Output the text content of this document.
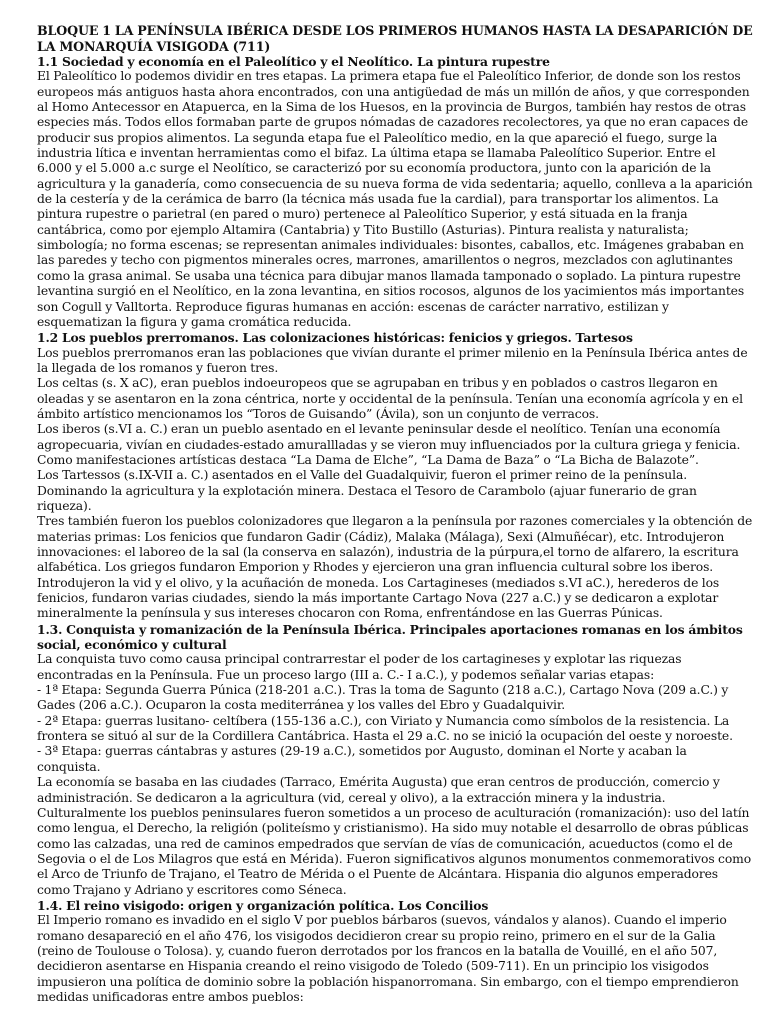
BLOQUE 1 LA PENÍNSULA IBÉRICA DESDE LOS PRIMEROS HUMANOS HASTA LA DESAPARICIÓN DE LA MONARQUÍA VISIGODA (711)
1.1 Sociedad y economía en el Paleolítico y el Neolítico. La pintura rupestre

El Paleolítico lo podemos dividir en tres etapas. La primera etapa fue el Paleolítico Inferior, de donde son los restos europeos más antiguos hasta ahora encontrados, con una antigüedad de más un millón de años, y que corresponden al Homo Antecessor en Atapuerca, en la Sima de los Huesos, en la provincia de Burgos, también hay restos de otras especies más. Todos ellos formaban parte de grupos nómadas de cazadores recolectores, ya que no eran capaces de producir sus propios alimentos. La segunda etapa fue el Paleolítico medio, en la que apareció el fuego, surge la industria lítica e inventan herramientas como el bifaz. La última etapa se llamaba Paleolítico Superior. Entre el 6.000 y el 5.000 a.c surge el Neolítico, se caracterizó por su economía productora, junto con la aparición de la agricultura y la ganadería, como consecuencia de su nueva forma de vida sedentaria; aquello, conlleva a la aparición de la cestería y de la cerámica de barro (la técnica más usada fue la cardial), para transportar los alimentos. La pintura rupestre o parietral (en pared o muro) pertenece al Paleolítico Superior, y está situada en la franja cantábrica, como por ejemplo Altamira (Cantabria) y Tito Bustillo (Asturias). Pintura realista y naturalista; simbología; no forma escenas; se representan animales individuales: bisontes, caballos, etc. Imágenes grababan en las paredes y techo con pigmentos minerales ocres, marrones, amarillentos o negros, mezclados con aglutinantes como la grasa animal. Se usaba una técnica para dibujar manos llamada tamponado o soplado. La pintura rupestre levantina surgió en el Neolítico, en la zona levantina, en sitios rocosos, algunos de los yacimientos más importantes son Cogull y Valltorta. Reproduce figuras humanas en acción: escenas de carácter narrativo, estilizan y esquematizan la figura y gama cromática reducida.

1.2 Los pueblos prerromanos. Las colonizaciones históricas: fenicios y griegos. Tartesos

Los pueblos prerromanos eran las poblaciones que vivían durante el primer milenio en la Península Ibérica antes de la llegada de los romanos y fueron tres.

Los celtas (s. X aC), eran pueblos indoeuropeos que se agrupaban en tribus y en poblados o castros llegaron en oleadas y se asentaron en la zona céntrica, norte y occidental de la península. Tenían una economía agrícola y en el ámbito artístico mencionamos los “Toros de Guisando” (Ávila), son un conjunto de verracos.

Los iberos (s.VI a. C.) eran un pueblo asentado en el levante peninsular desde el neolítico. Tenían una economía agropecuaria, vivían en ciudades-estado amurallladas y se vieron muy influenciados por la cultura griega y fenicia. Como manifestaciones artísticas destaca “La Dama de Elche”, “La Dama de Baza” o “La Bicha de Balazote”.

Los Tartessos (s.IX-VII a. C.) asentados en el Valle del Guadalquivir, fueron el primer reino de la península. Dominando la agricultura y la explotación minera. Destaca el Tesoro de Carambolo (ajuar funerario de gran riqueza).

Tres también fueron los pueblos colonizadores que llegaron a la península por razones comerciales y la obtención de materias primas: Los fenicios que fundaron Gadir (Cádiz), Malaka (Málaga), Sexi (Almuñécar), etc. Introdujeron innovaciones: el laboreo de la sal (la conserva en salazón), industria de la púrpura,el torno de alfarero, la escritura alfabética. Los griegos fundaron Emporion y Rhodes y ejercieron una gran influencia cultural sobre los iberos. Introdujeron la vid y el olivo, y la acuñación de moneda. Los Cartagineses (mediados s.VI aC.), herederos de los fenicios, fundaron varias ciudades, siendo la más importante Cartago Nova (227 a.C.) y se dedicaron a explotar mineralmente la península y sus intereses chocaron con Roma, enfrentándose en las Guerras Púnicas.

1.3. Conquista y romanización de la Península Ibérica. Principales aportaciones romanas en los ámbitos social, económico y cultural

La conquista tuvo como causa principal contrarrestar el poder de los cartagineses y explotar las riquezas encontradas en la Península. Fue un proceso largo (III a. C.- I a.C.), y podemos señalar varias etapas:

- 1ª Etapa: Segunda Guerra Púnica (218-201 a.C.). Tras la toma de Sagunto (218 a.C.), Cartago Nova (209 a.C.) y Gades (206 a.C.). Ocuparon la costa mediterránea y los valles del Ebro y Guadalquivir.

- 2ª Etapa: guerras lusitano- celtíbera (155-136 a.C.), con Viriato y Numancia como símbolos de la resistencia. La frontera se situó al sur de la Cordillera Cantábrica. Hasta el 29 a.C. no se inició la ocupación del oeste y noroeste.

- 3ª Etapa: guerras cántabras y astures (29-19 a.C.), sometidos por Augusto, dominan el Norte y acaban la conquista.

La economía se basaba en las ciudades (Tarraco, Emérita Augusta) que eran centros de producción, comercio y administración. Se dedicaron a la agricultura (vid, cereal y olivo), a la extracción minera y la industria. Culturalmente los pueblos peninsulares fueron sometidos a un proceso de aculturación (romanización): uso del latín como lengua, el Derecho, la religión (politeísmo y cristianismo). Ha sido muy notable el desarrollo de obras públicas como las calzadas, una red de caminos empedrados que servían de vías de comunicación, acueductos (como el de Segovia o el de Los Milagros que está en Mérida). Fueron significativos algunos monumentos conmemorativos como el Arco de Triunfo de Trajano, el Teatro de Mérida o el Puente de Alcántara. Hispania dio algunos emperadores como Trajano y Adriano y escritores como Séneca.

1.4. El reino visigodo: origen y organización política. Los Concilios

El Imperio romano es invadido en el siglo V por pueblos bárbaros (suevos, vándalos y alanos). Cuando el imperio romano desapareció en el año 476, los visigodos decidieron crear su propio reino, primero en el sur de la Galia (reino de Toulouse o Tolosa). y, cuando fueron derrotados por los francos en la batalla de Vouillé, en el año 507, decidieron asentarse en Hispania creando el reino visigodo de Toledo (509-711). En un principio los visigodos impusieron una política de dominio sobre la población hispanorromana. Sin embargo, con el tiempo emprendieron medidas unificadoras entre ambos pueblos:
